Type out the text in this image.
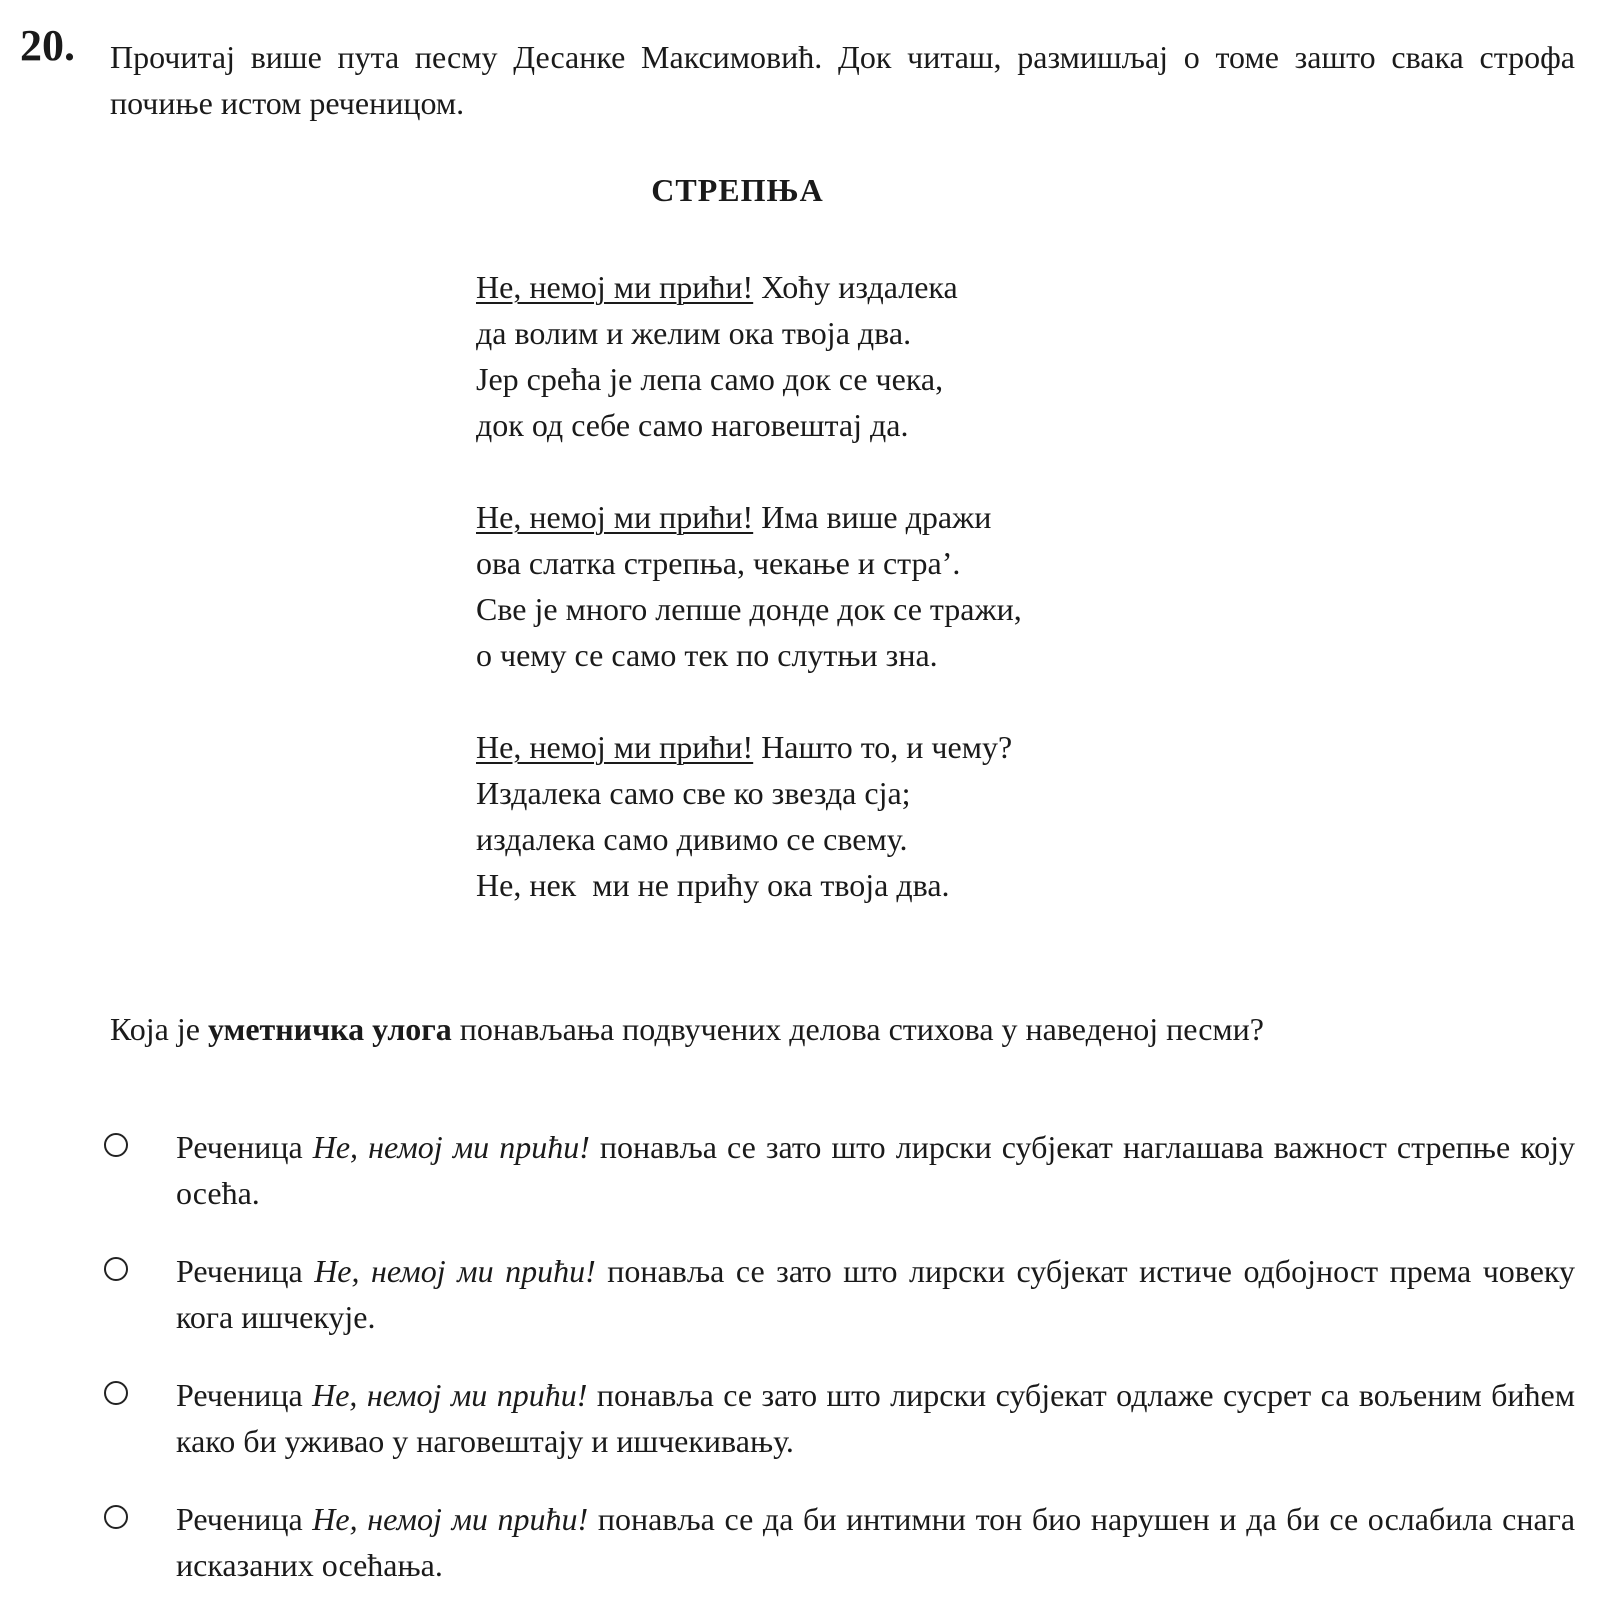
20. Прочитај више пута песму Десанке Максимовић. Док читаш, размишљај о томе зашто свака строфа почиње истом реченицом.
СТРЕПЊА
Не, немој ми прићи! Хоћу издалека
да волим и желим ока твоја два.
Јер срећа је лепа само док се чека,
док од себе само наговештај да.
Не, немој ми прићи! Има више дражи
ова слатка стрепња, чекање и стра’.
Све је много лепше донде док се тражи,
о чему се само тек по слутњи зна.
Не, немој ми прићи! Нашто то, и чему?
Издалека само све ко звезда сја;
издалека само дивимо се свему.
Не, нек  ми не прићу ока твоја два.
Која је уметничка улога понављања подвучених делова стихова у наведеној песми?
Реченица Не, немој ми прићи! понавља се зато што лирски субјекат наглашава важност стрепње коју осећа.
Реченица Не, немој ми прићи! понавља се зато што лирски субјекат истиче одбојност према човеку кога ишчекује.
Реченица Не, немој ми прићи! понавља се зато што лирски субјекат одлаже сусрет са вољеним бићем како би уживао у наговештају и ишчекивању.
Реченица Не, немој ми прићи! понавља се да би интимни тон био нарушен и да би се ослабила снага исказаних осећања.
